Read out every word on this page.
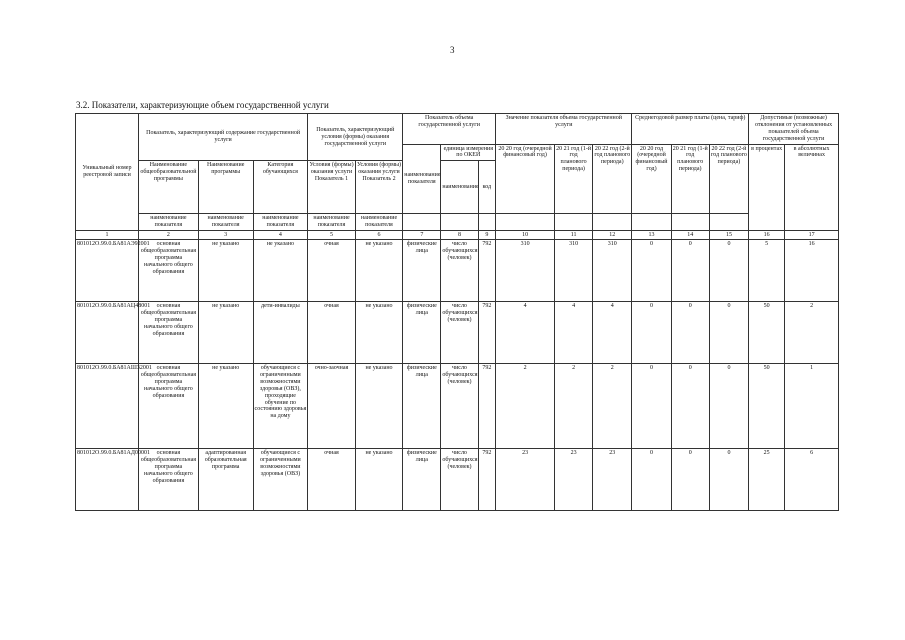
3
3.2. Показатели, характеризующие объем государственной услуги
Уникальный номер реестровой записи	Показатель, характеризующий содержание государственной услуги			Показатель, характеризующий условия (формы) оказания государственной услуги		Показатель объема государственной услуги			Значение показателя объема государственной услуги			Среднегодовой размер платы (цена, тариф)			Допустимые (возможные) отклонения от установленных показателей объема государственной услуги	
						наименование показателя	единица измерения по ОКЕИ		20 20 год (очередной финансовый год)	20 21 год (1-й год планового периода)	20 22 год (2-й год планового периода)	20 20 год (очередной финансовый год)	20 21 год (1-й год планового периода)	20 22 год (2-й год планового периода)	в процентах	в абсолютных величинах
	Наименование общеобразовательной программы	Наименование программы	Категория обучающихся	Условия (формы) оказания услуги Показатель 1	Условия (формы) оказания услуги Показатель 2		наименование	код								
	наименование показателя	наименование показателя	наименование показателя	наименование показателя	наименование показателя											
1	2	3	4	5	6	7	8	9	10	11	12	13	14	15	16	17
801012О.99.0.БА81АЭ92001	основная общеобразовательная программа начального общего образования	не указано	не указано	очная	не указано	физические лица	число обучающихся (человек)	792	310	310	310	0	0	0	5	16
801012О.99.0.БА81АЦ48001	основная общеобразовательная программа начального общего образования	не указано	дети-инвалиды	очная	не указано	физические лица	число обучающихся (человек)	792	4	4	4	0	0	0	50	2
801012О.99.0.БА81АШ32001	основная общеобразовательная программа начального общего образования	не указано	обучающиеся с ограниченными возможностями здоровья (ОВЗ), проходящие обучение по состоянию здоровья на дому	очно-заочная	не указано	физические лица	число обучающихся (человек)	792	2	2	2	0	0	0	50	1
801012О.99.0.БА81АД00001	основная общеобразовательная программа начального общего образования	адаптированная образовательная программа	обучающиеся с ограниченными возможностями здоровья (ОВЗ)	очная	не указано	физические лица	число обучающихся (человек)	792	23	23	23	0	0	0	25	6
